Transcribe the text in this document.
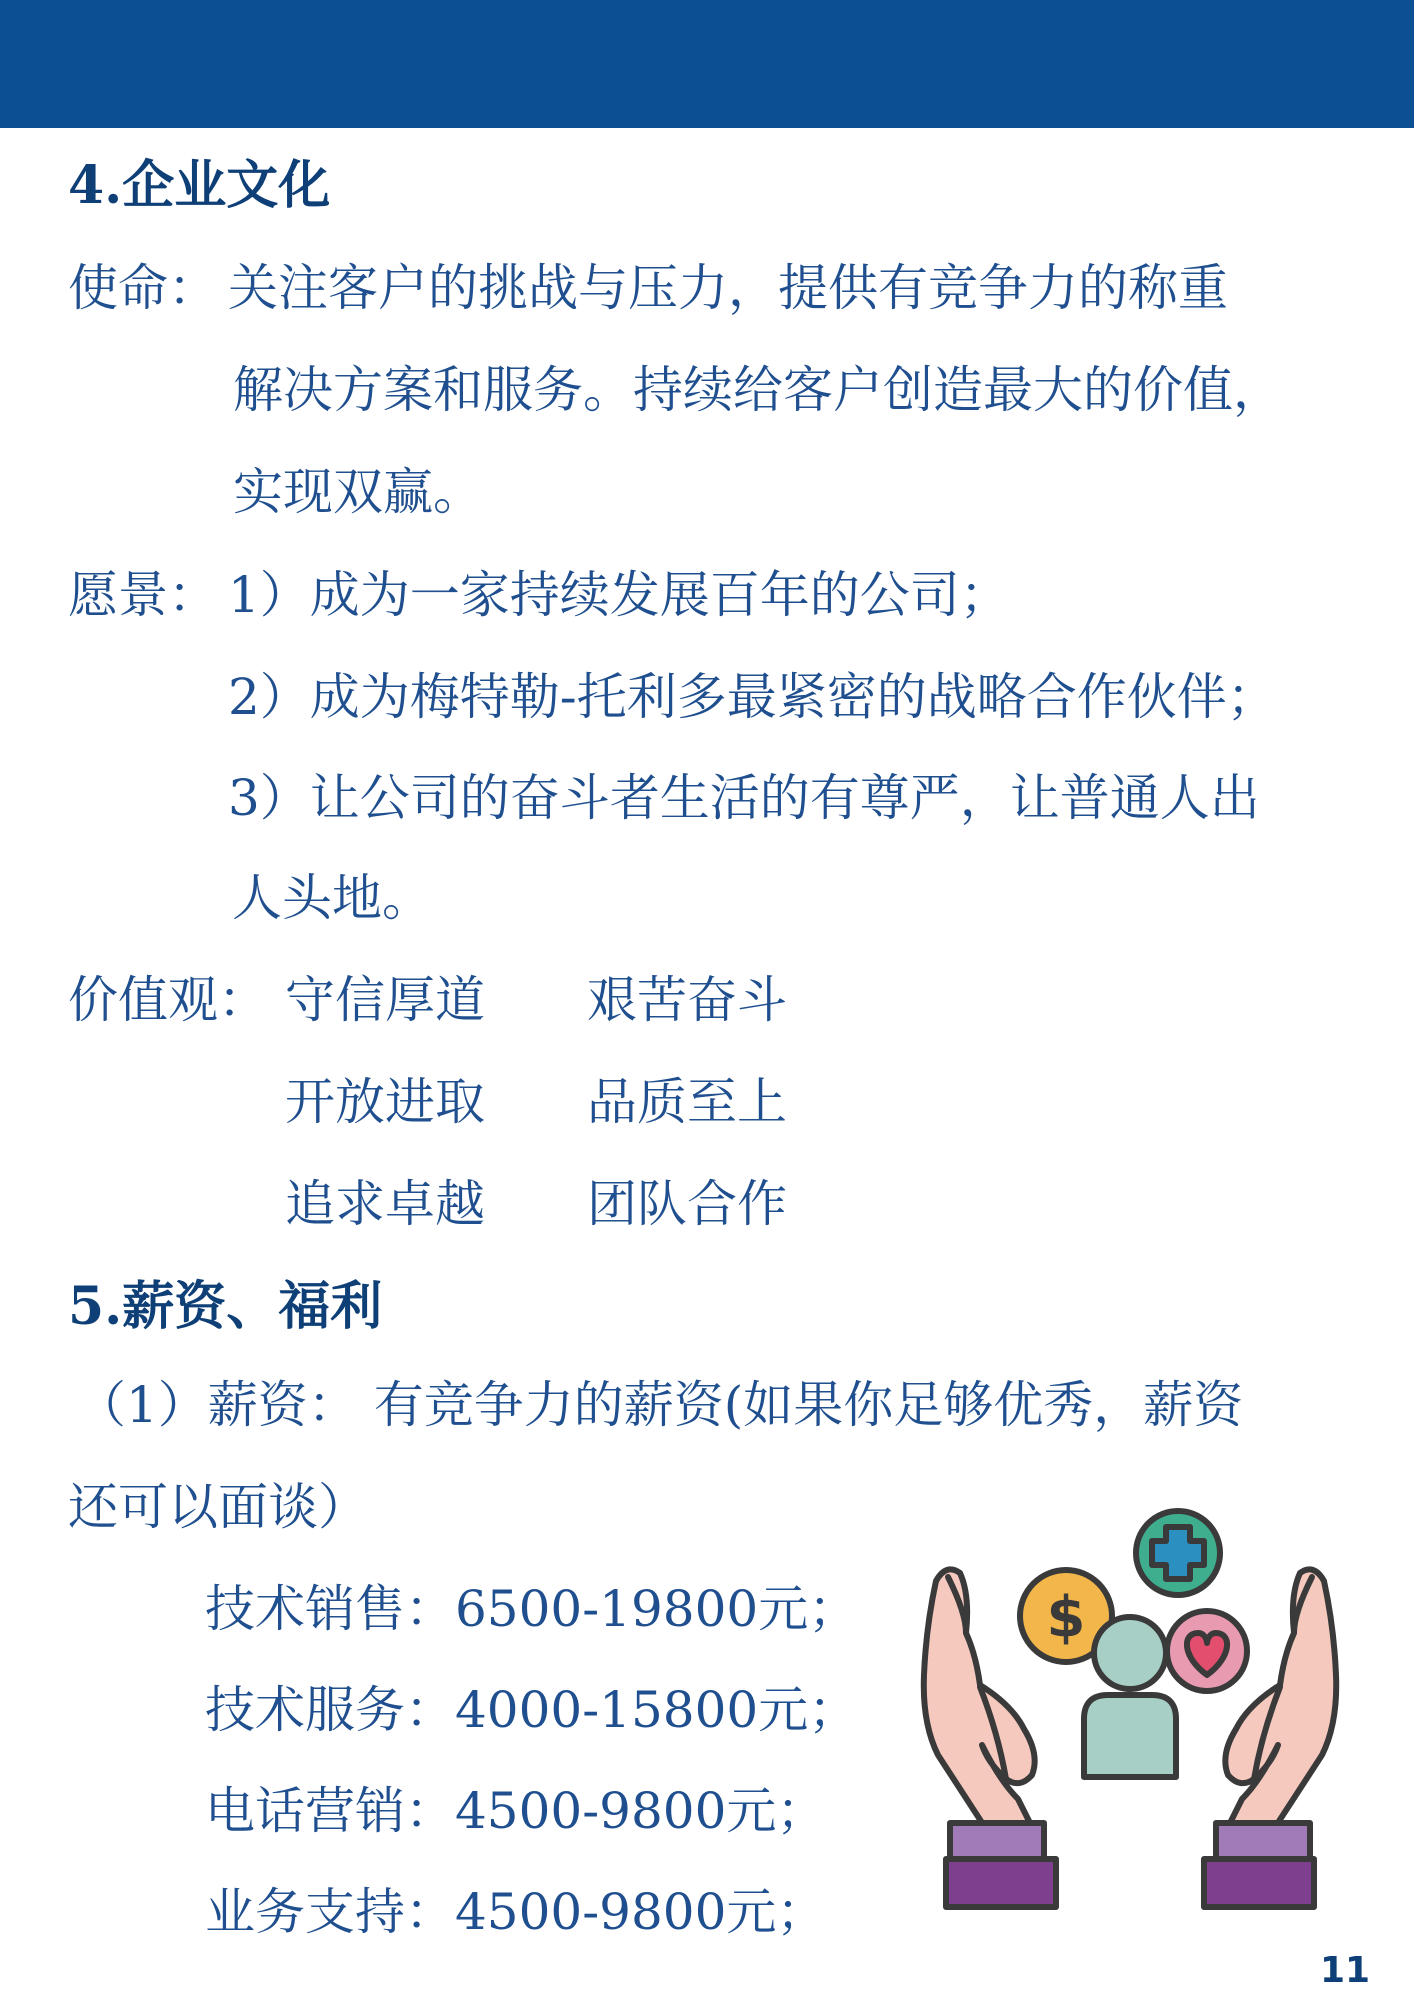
4.企业文化
使命： 关注客户的挑战与压力，提供有竞争力的称重
解决方案和服务。持续给客户创造最大的价值，
实现双赢。
愿景： 1）成为一家持续发展百年的公司；
2）成为梅特勒-托利多最紧密的战略合作伙伴；
3）让公司的奋斗者生活的有尊严，让普通人出
人头地。
价值观： 守信厚道 艰苦奋斗
开放进取 品质至上
追求卓越 团队合作
5.薪资、福利
（1）薪资： 有竞争力的薪资(如果你足够优秀，薪资
还可以面谈）
技术销售：6500-19800元；
技术服务：4000-15800元；
电话营销：4500-9800元；
业务支持：4500-9800元；
$
11
